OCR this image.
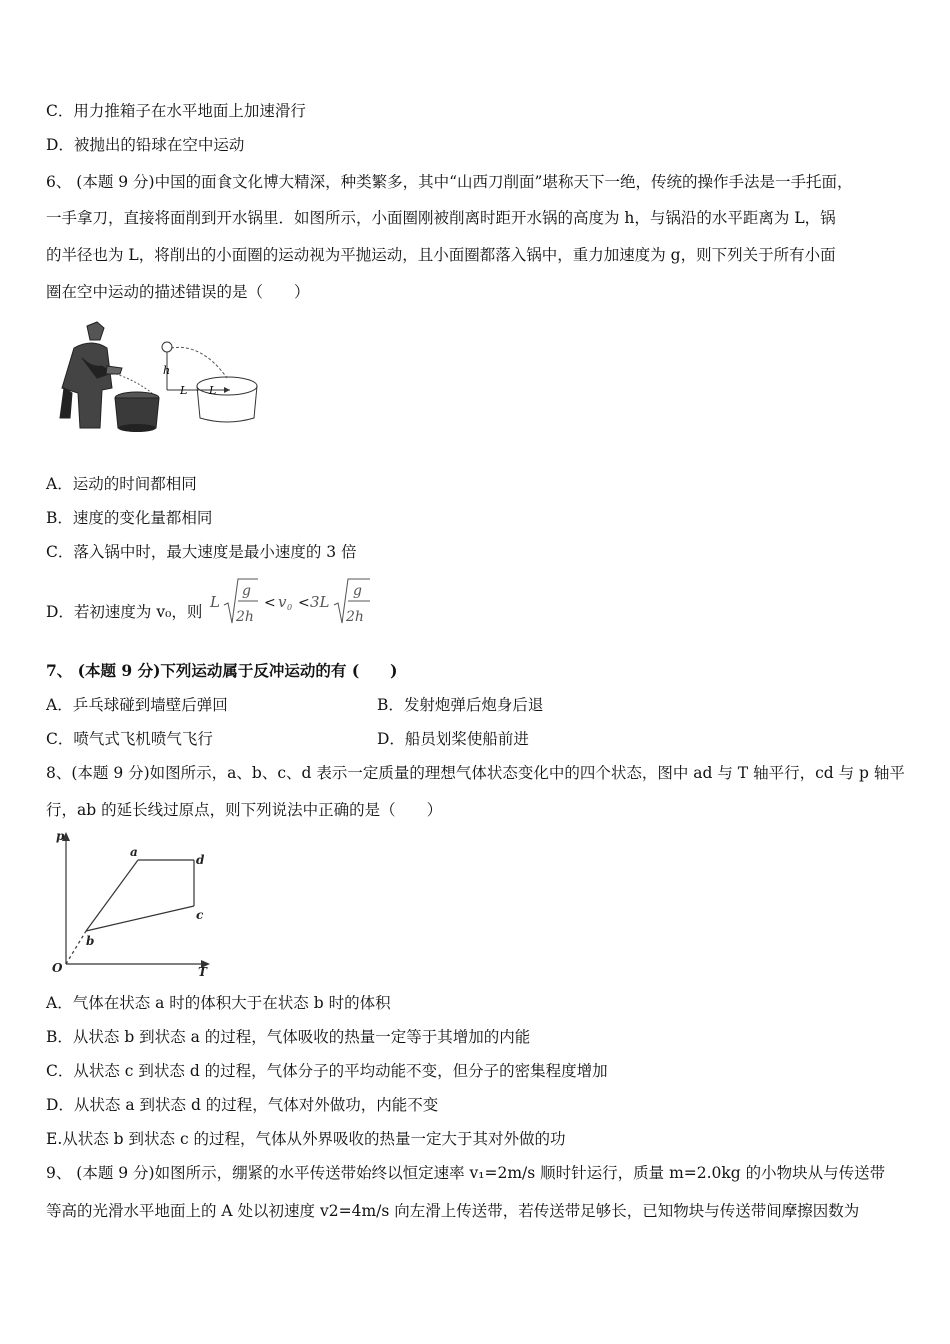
C．用力推箱子在水平地面上加速滑行
D．被抛出的铅球在空中运动
6、 (本题 9 分)中国的面食文化博大精深，种类繁多，其中“山西刀削面”堪称天下一绝，传统的操作手法是一手托面，
一手拿刀，直接将面削到开水锅里．如图所示，小面圈刚被削离时距开水锅的高度为 h，与锅沿的水平距离为 L，锅
的半径也为 L，将削出的小面圈的运动视为平抛运动，且小面圈都落入锅中，重力加速度为 g，则下列关于所有小面
圈在空中运动的描述错误的是（　　）
h
L L
A．运动的时间都相同
B．速度的变化量都相同
C．落入锅中时，最大速度是最小速度的 3 倍
D．若初速度为 v₀，则
L
g
2h
< v 0 < 3L
g
2h
7、 (本题 9 分)下列运动属于反冲运动的有 (　　)
A．乒乓球碰到墙壁后弹回	B．发射炮弹后炮身后退
C．喷气式飞机喷气飞行	D．船员划桨使船前进
8、(本题 9 分)如图所示，a、b、c、d 表示一定质量的理想气体状态变化中的四个状态，图中 ad 与 T 轴平行，cd 与 p 轴平
行，ab 的延长线过原点，则下列说法中正确的是（　　）
p
T
O
a
b
c
d
A．气体在状态 a 时的体积大于在状态 b 时的体积
B．从状态 b 到状态 a 的过程，气体吸收的热量一定等于其增加的内能
C．从状态 c 到状态 d 的过程，气体分子的平均动能不变，但分子的密集程度增加
D．从状态 a 到状态 d 的过程，气体对外做功，内能不变
E.从状态 b 到状态 c 的过程，气体从外界吸收的热量一定大于其对外做的功
9、 (本题 9 分)如图所示，绷紧的水平传送带始终以恒定速率 v₁=2m/s 顺时针运行，质量 m=2.0kg 的小物块从与传送带
等高的光滑水平地面上的 A 处以初速度 v2=4m/s 向左滑上传送带，若传送带足够长，已知物块与传送带间摩擦因数为
